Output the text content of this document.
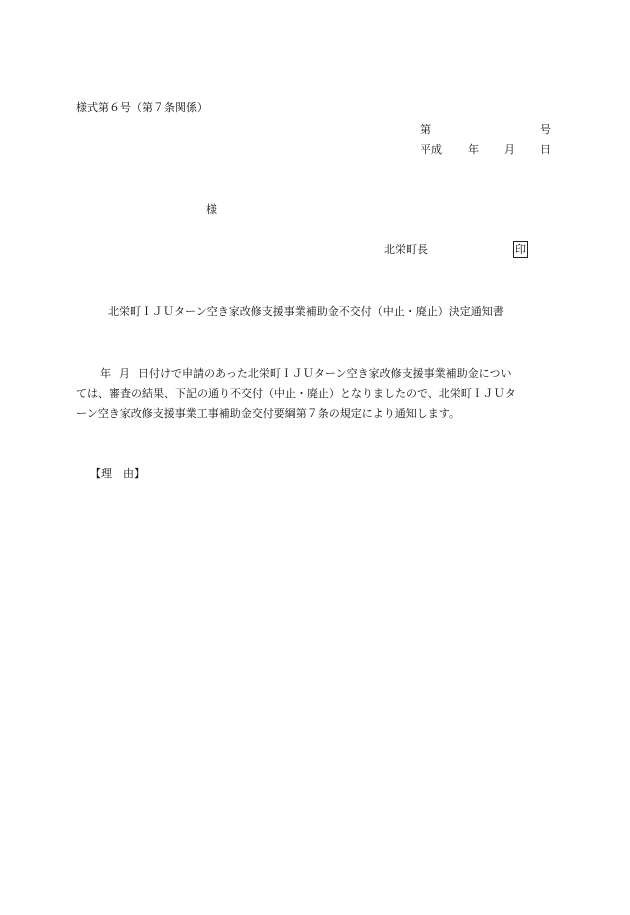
様式第６号（第７条関係）
第	号
平成 年 月 日
様
北栄町長	印
北栄町ＩＪＵターン空き家改修支援事業補助金不交付（中止・廃止）決定通知書
年 月 日付けで申請のあった北栄町ＩＪＵターン空き家改修支援事業補助金につい
ては、審査の結果、下記の通り不交付（中止・廃止）となりましたので、北栄町ＩＪＵタ
ーン空き家改修支援事業工事補助金交付要綱第７条の規定により通知します。
【理　由】
